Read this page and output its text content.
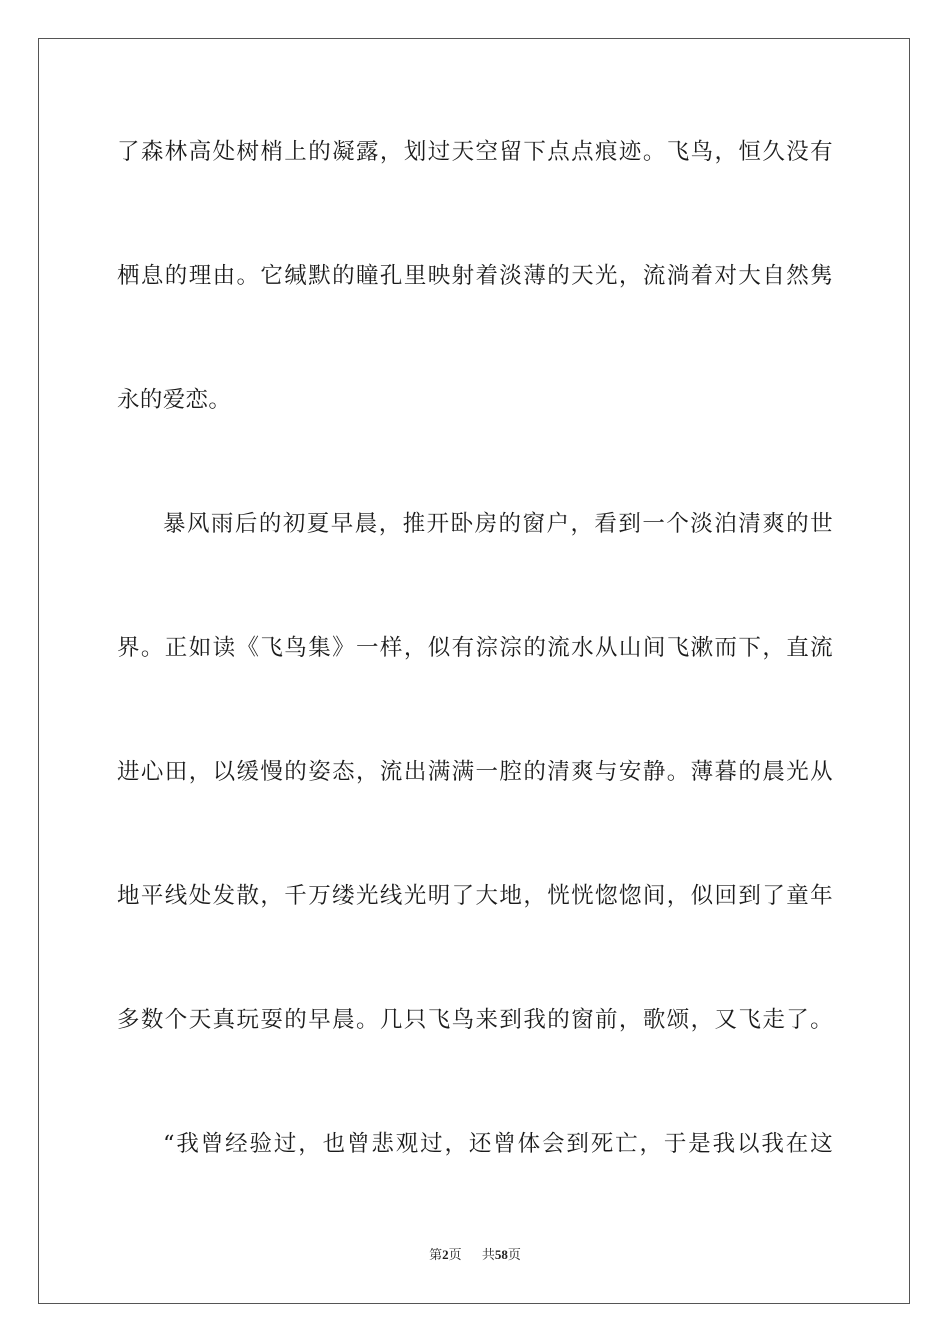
了森林高处树梢上的凝露，划过天空留下点点痕迹。飞鸟，恒久没有
栖息的理由。它缄默的瞳孔里映射着淡薄的天光，流淌着对大自然隽
永的爱恋。
暴风雨后的初夏早晨，推开卧房的窗户，看到一个淡泊清爽的世
界。正如读《飞鸟集》一样，似有淙淙的流水从山间飞漱而下，直流
进心田，以缓慢的姿态，流出满满一腔的清爽与安静。薄暮的晨光从
地平线处发散，千万缕光线光明了大地，恍恍惚惚间，似回到了童年
多数个天真玩耍的早晨。几只飞鸟来到我的窗前，歌颂，又飞走了。
“我曾经验过，也曾悲观过，还曾体会到死亡，于是我以我在这
第2页 共58页
